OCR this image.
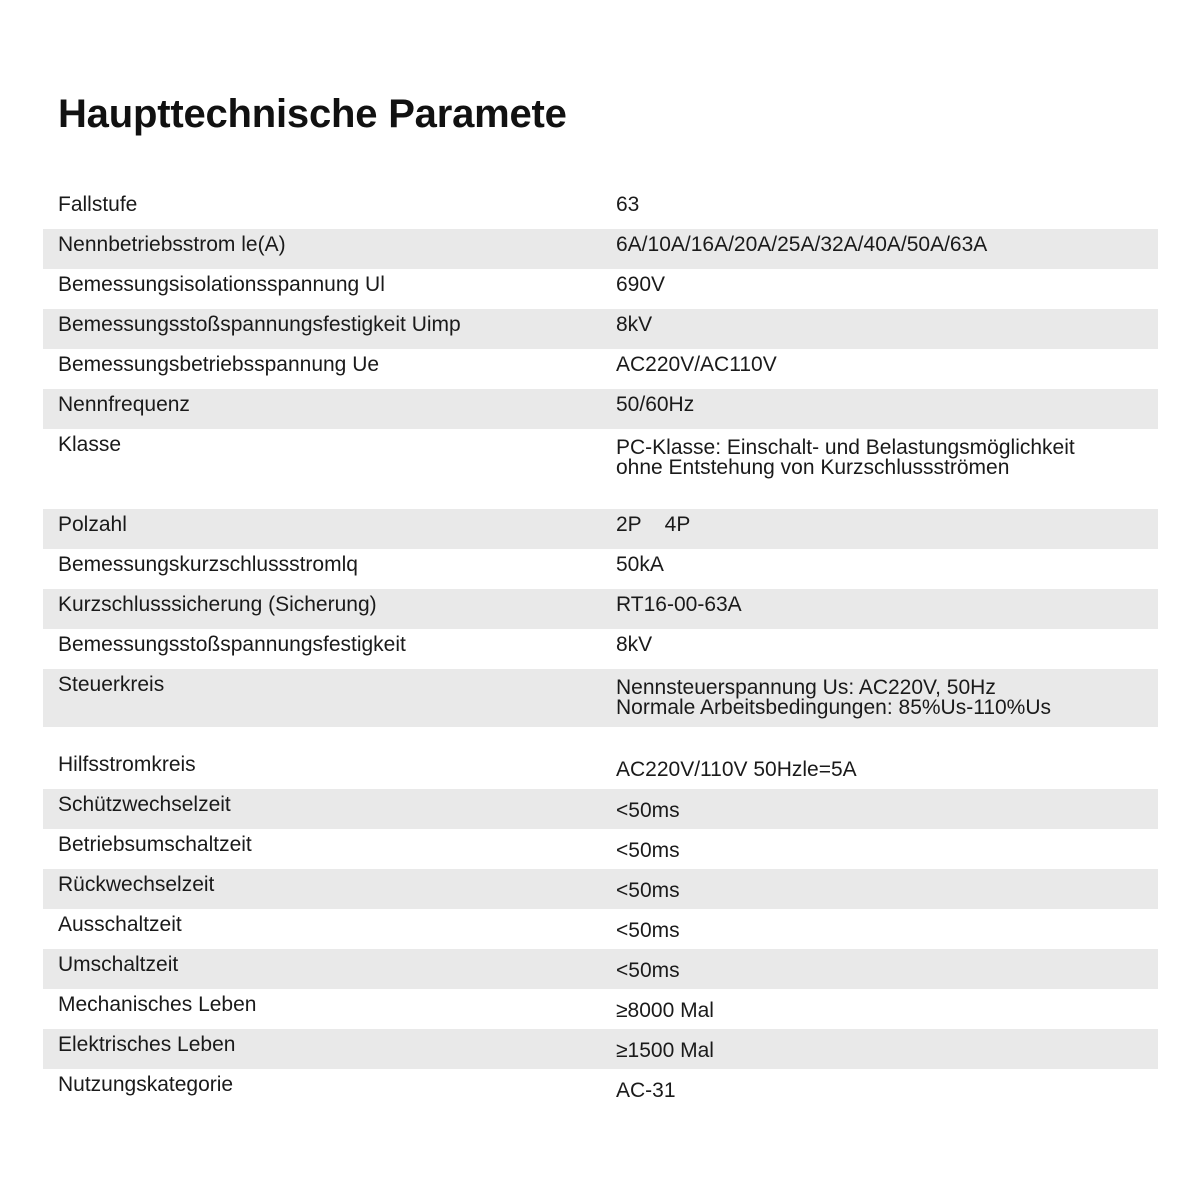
Haupttechnische Paramete
Fallstufe	63
Nennbetriebsstrom le(A)	6A/10A/16A/20A/25A/32A/40A/50A/63A
Bemessungsisolationsspannung Ul	690V
Bemessungsstoßspannungsfestigkeit Uimp	8kV
Bemessungsbetriebsspannung Ue	AC220V/AC110V
Nennfrequenz	50/60Hz
Klasse	PC-Klasse: Einschalt- und Belastungsmöglichkeit
ohne Entstehung von Kurzschlussströmen
Polzahl	2P    4P
Bemessungskurzschlussstromlq	50kA
Kurzschlusssicherung (Sicherung)	RT16-00-63A
Bemessungsstoßspannungsfestigkeit	8kV
Steuerkreis	Nennsteuerspannung Us: AC220V, 50Hz
Normale Arbeitsbedingungen: 85%Us-110%Us
Hilfsstromkreis	AC220V/110V 50Hzle=5A
Schützwechselzeit	<50ms
Betriebsumschaltzeit	<50ms
Rückwechselzeit	<50ms
Ausschaltzeit	<50ms
Umschaltzeit	<50ms
Mechanisches Leben	≥8000 Mal
Elektrisches Leben	≥1500 Mal
Nutzungskategorie	AC-31
